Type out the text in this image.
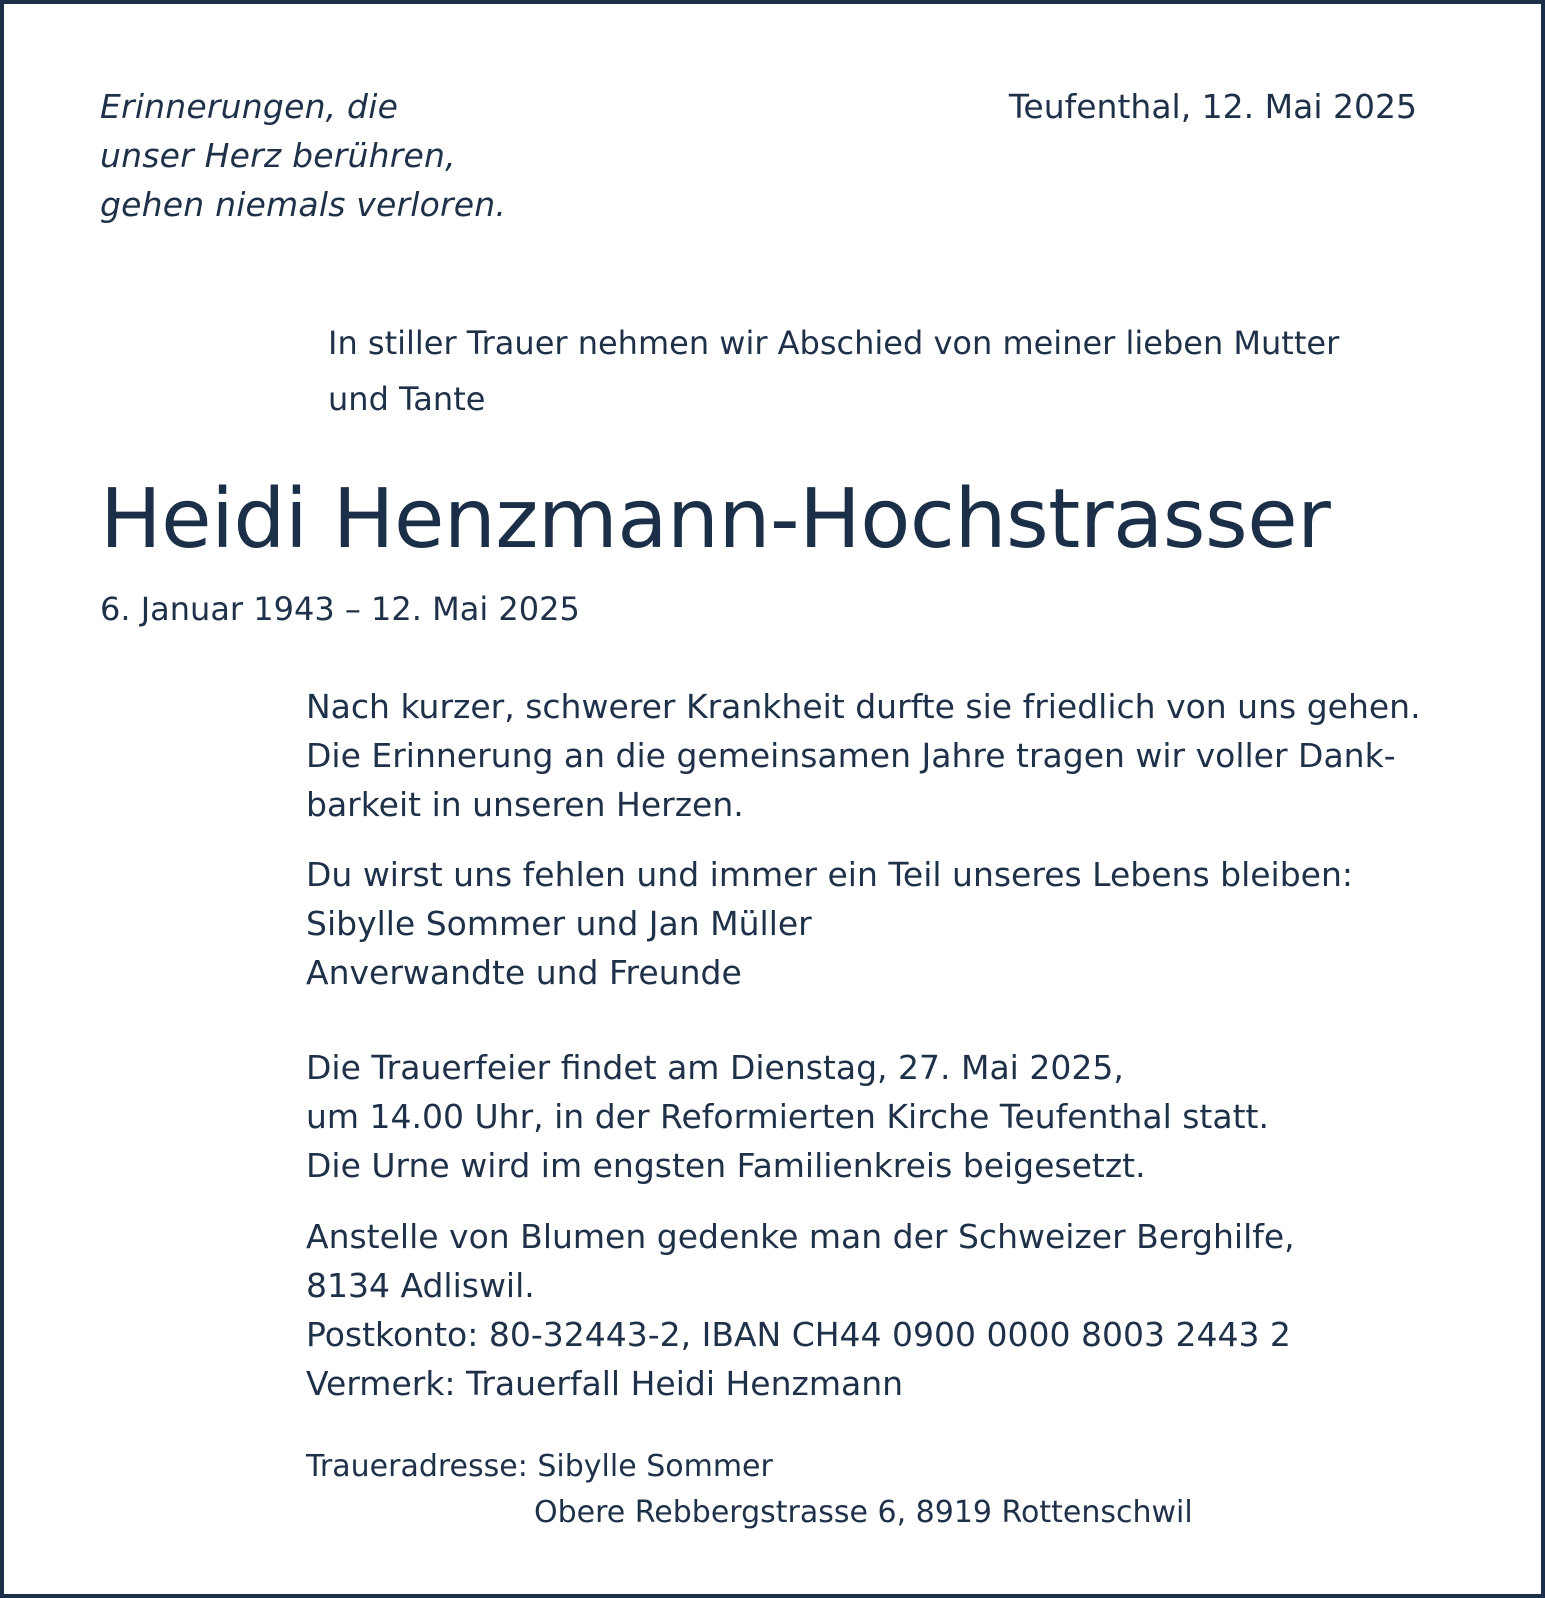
Erinnerungen, die
unser Herz berühren,
gehen niemals verloren.

Teufenthal, 12. Mai 2025

In stiller Trauer nehmen wir Abschied von meiner lieben Mutter
und Tante
Heidi Henzmann-Hochstrasser

6. Januar 1943 – 12. Mai 2025

Nach kurzer, schwerer Krankheit durfte sie friedlich von uns gehen.
Die Erinnerung an die gemeinsamen Jahre tragen wir voller Dank-
barkeit in unseren Herzen.
Du wirst uns fehlen und immer ein Teil unseres Lebens bleiben:
Sibylle Sommer und Jan Müller
Anverwandte und Freunde
Die Trauerfeier findet am Dienstag, 27. Mai 2025,
um 14.00 Uhr, in der Reformierten Kirche Teufenthal statt.
Die Urne wird im engsten Familienkreis beigesetzt.
Anstelle von Blumen gedenke man der Schweizer Berghilfe,
8134 Adliswil.
Postkonto: 80-32443-2, IBAN CH44 0900 0000 8003 2443 2
Vermerk: Trauerfall Heidi Henzmann
Traueradresse: Sibylle Sommer
Obere Rebbergstrasse 6, 8919 Rottenschwil
